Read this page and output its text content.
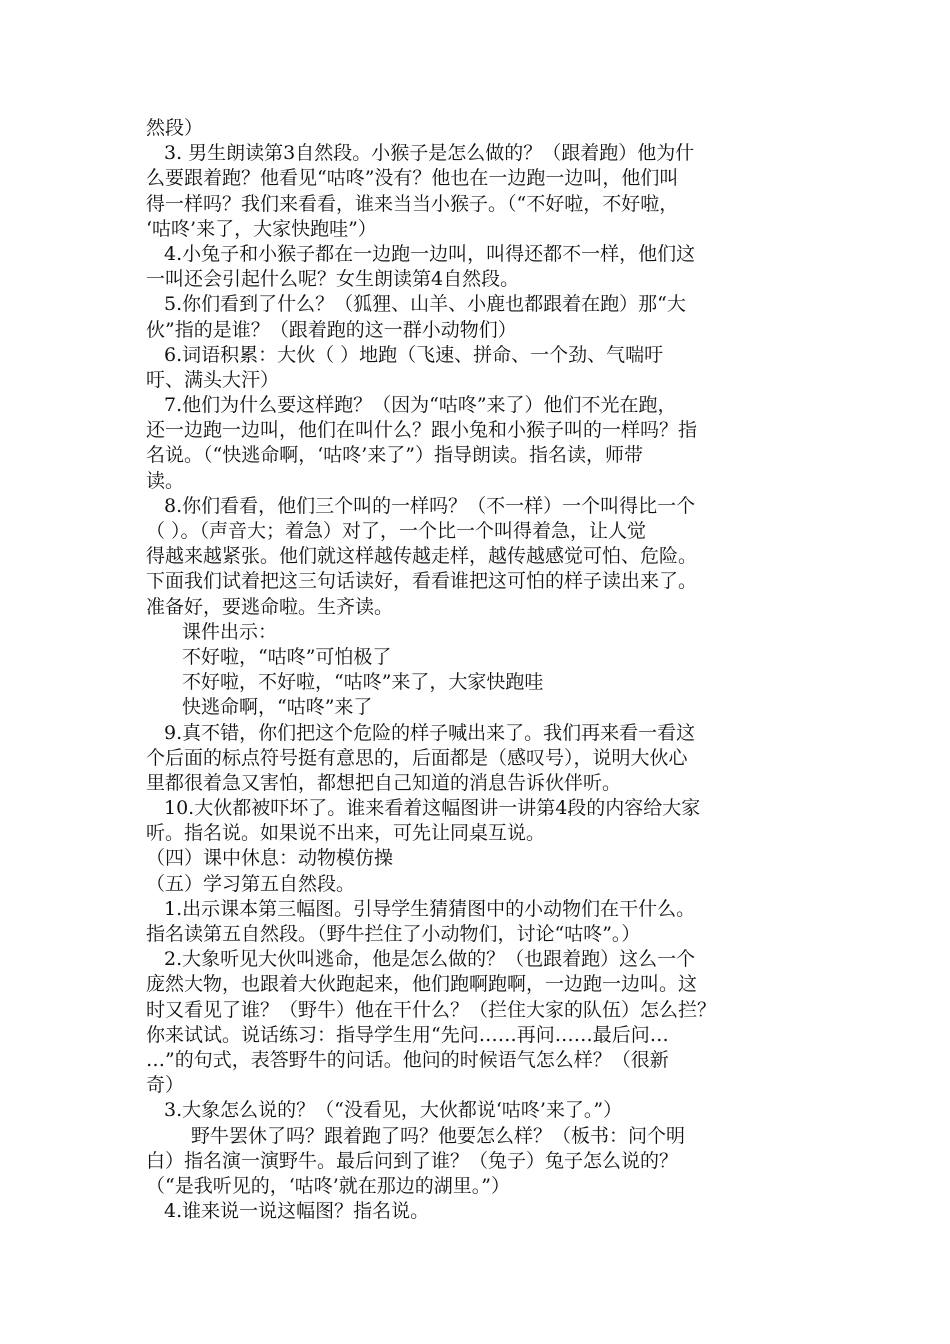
然段）
3. 男生朗读第3自然段。小猴子是怎么做的？（跟着跑）他为什
么要跟着跑？他看见“咕咚”没有？他也在一边跑一边叫，他们叫
得一样吗？我们来看看，谁来当当小猴子。（“不好啦，不好啦，
‘咕咚’来了，大家快跑哇”）
4.小兔子和小猴子都在一边跑一边叫，叫得还都不一样，他们这
一叫还会引起什么呢？女生朗读第4自然段。
5.你们看到了什么？（狐狸、山羊、小鹿也都跟着在跑）那“大
伙”指的是谁？（跟着跑的这一群小动物们）
6.词语积累：大伙（ ）地跑（飞速、拼命、一个劲、气喘吁
吁、满头大汗）
7.他们为什么要这样跑？（因为“咕咚”来了）他们不光在跑，
还一边跑一边叫，他们在叫什么？跟小兔和小猴子叫的一样吗？指
名说。（“快逃命啊，‘咕咚’来了”）指导朗读。指名读，师带
读。
8.你们看看，他们三个叫的一样吗？（不一样）一个叫得比一个
（ ）。（声音大；着急）对了，一个比一个叫得着急，让人觉
得越来越紧张。他们就这样越传越走样，越传越感觉可怕、危险。
下面我们试着把这三句话读好，看看谁把这可怕的样子读出来了。
准备好，要逃命啦。生齐读。
课件出示：
不好啦，“咕咚”可怕极了
不好啦，不好啦，“咕咚”来了，大家快跑哇
快逃命啊，“咕咚”来了
9.真不错，你们把这个危险的样子喊出来了。我们再来看一看这
个后面的标点符号挺有意思的，后面都是（感叹号），说明大伙心
里都很着急又害怕，都想把自己知道的消息告诉伙伴听。
10.大伙都被吓坏了。谁来看着这幅图讲一讲第4段的内容给大家
听。指名说。如果说不出来，可先让同桌互说。
（四）课中休息：动物模仿操
（五）学习第五自然段。
1.出示课本第三幅图。引导学生猜猜图中的小动物们在干什么。
指名读第五自然段。（野牛拦住了小动物们，讨论“咕咚”。）
2.大象听见大伙叫逃命，他是怎么做的？（也跟着跑）这么一个
庞然大物，也跟着大伙跑起来，他们跑啊跑啊，一边跑一边叫。这
时又看见了谁？（野牛）他在干什么？（拦住大家的队伍）怎么拦？
你来试试。说话练习：指导学生用“先问……再问……最后问…
…”的句式，表答野牛的问话。他问的时候语气怎么样？（很新
奇）
3.大象怎么说的？（“没看见，大伙都说‘咕咚’来了。”）
野牛罢休了吗？跟着跑了吗？他要怎么样？（板书：问个明
白）指名演一演野牛。最后问到了谁？（兔子）兔子怎么说的？
（“是我听见的，‘咕咚’就在那边的湖里。”）
4.谁来说一说这幅图？指名说。
